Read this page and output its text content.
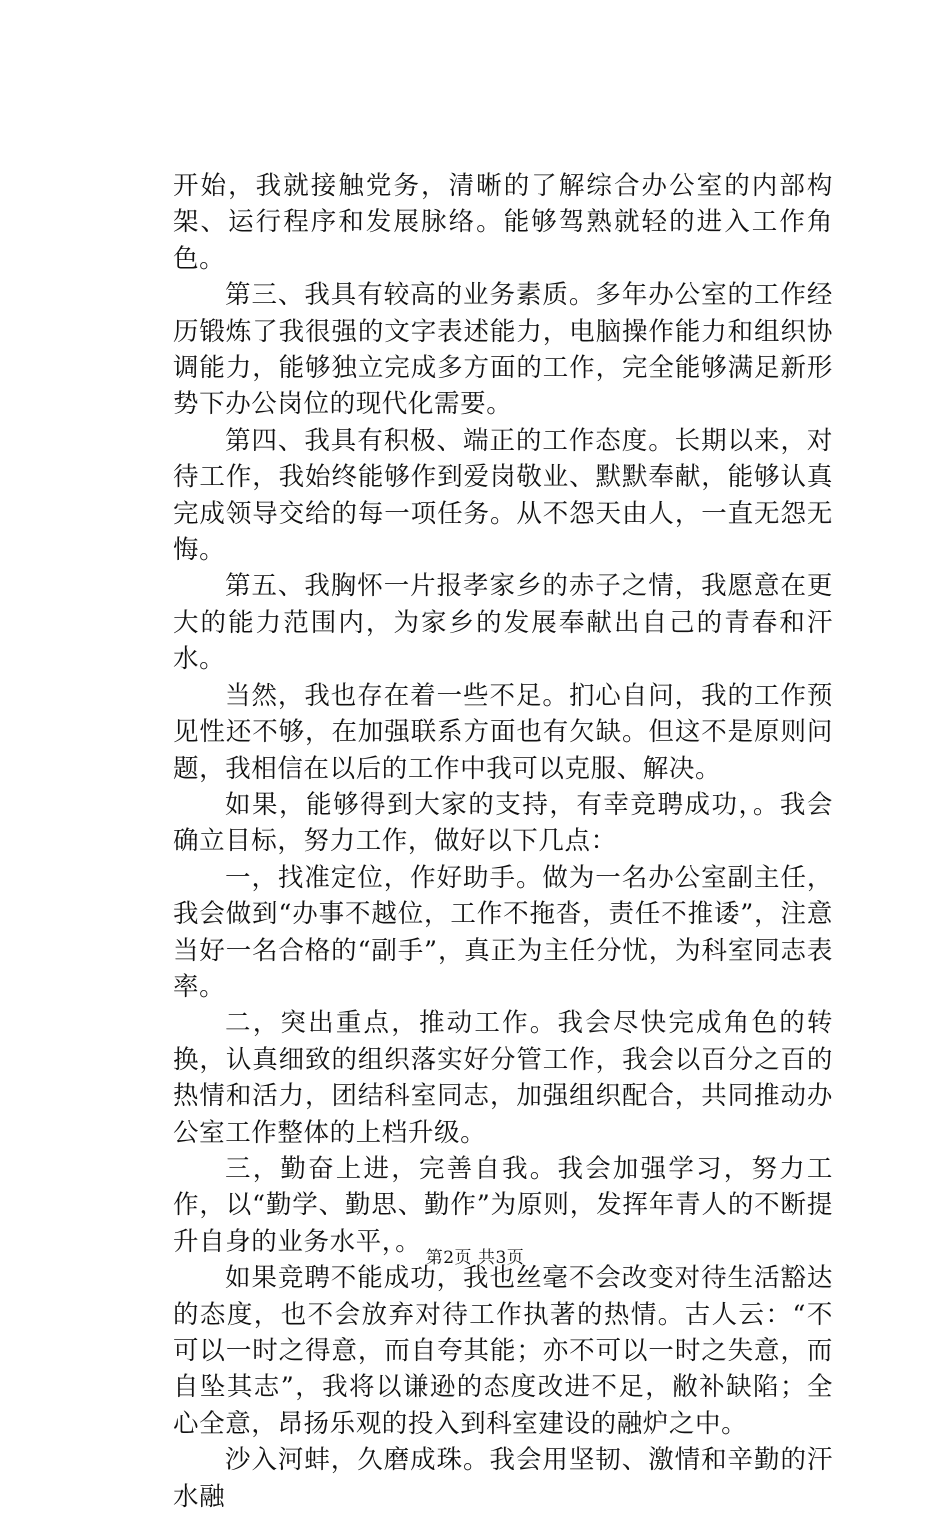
开始，我就接触党务，清晰的了解综合办公室的内部构架、运行程序和发展脉络。能够驾熟就轻的进入工作角色。

第三、我具有较高的业务素质。多年办公室的工作经历锻炼了我很强的文字表述能力，电脑操作能力和组织协调能力，能够独立完成多方面的工作，完全能够满足新形势下办公岗位的现代化需要。

第四、我具有积极、端正的工作态度。长期以来，对待工作，我始终能够作到爱岗敬业、默默奉献，能够认真完成领导交给的每一项任务。从不怨天由人，一直无怨无悔。

第五、我胸怀一片报孝家乡的赤子之情，我愿意在更大的能力范围内，为家乡的发展奉献出自己的青春和汗水。

当然，我也存在着一些不足。扪心自问，我的工作预见性还不够，在加强联系方面也有欠缺。但这不是原则问题，我相信在以后的工作中我可以克服、解决。

如果，能够得到大家的支持，有幸竞聘成功，。我会确立目标，努力工作，做好以下几点：

一，找准定位，作好助手。做为一名办公室副主任，我会做到“办事不越位，工作不拖沓，责任不推诿”，注意当好一名合格的“副手”，真正为主任分忧，为科室同志表率。

二，突出重点，推动工作。我会尽快完成角色的转换，认真细致的组织落实好分管工作，我会以百分之百的热情和活力，团结科室同志，加强组织配合，共同推动办公室工作整体的上档升级。

三，勤奋上进，完善自我。我会加强学习，努力工作，以“勤学、勤思、勤作”为原则，发挥年青人的不断提升自身的业务水平，。

如果竞聘不能成功，我也丝毫不会改变对待生活豁达的态度，也不会放弃对待工作执著的热情。古人云：“不可以一时之得意，而自夸其能；亦不可以一时之失意，而自坠其志”，我将以谦逊的态度改进不足，敝补缺陷；全心全意，昂扬乐观的投入到科室建设的融炉之中。

沙入河蚌，久磨成珠。我会用坚韧、激情和辛勤的汗水融

第2页 共3页
